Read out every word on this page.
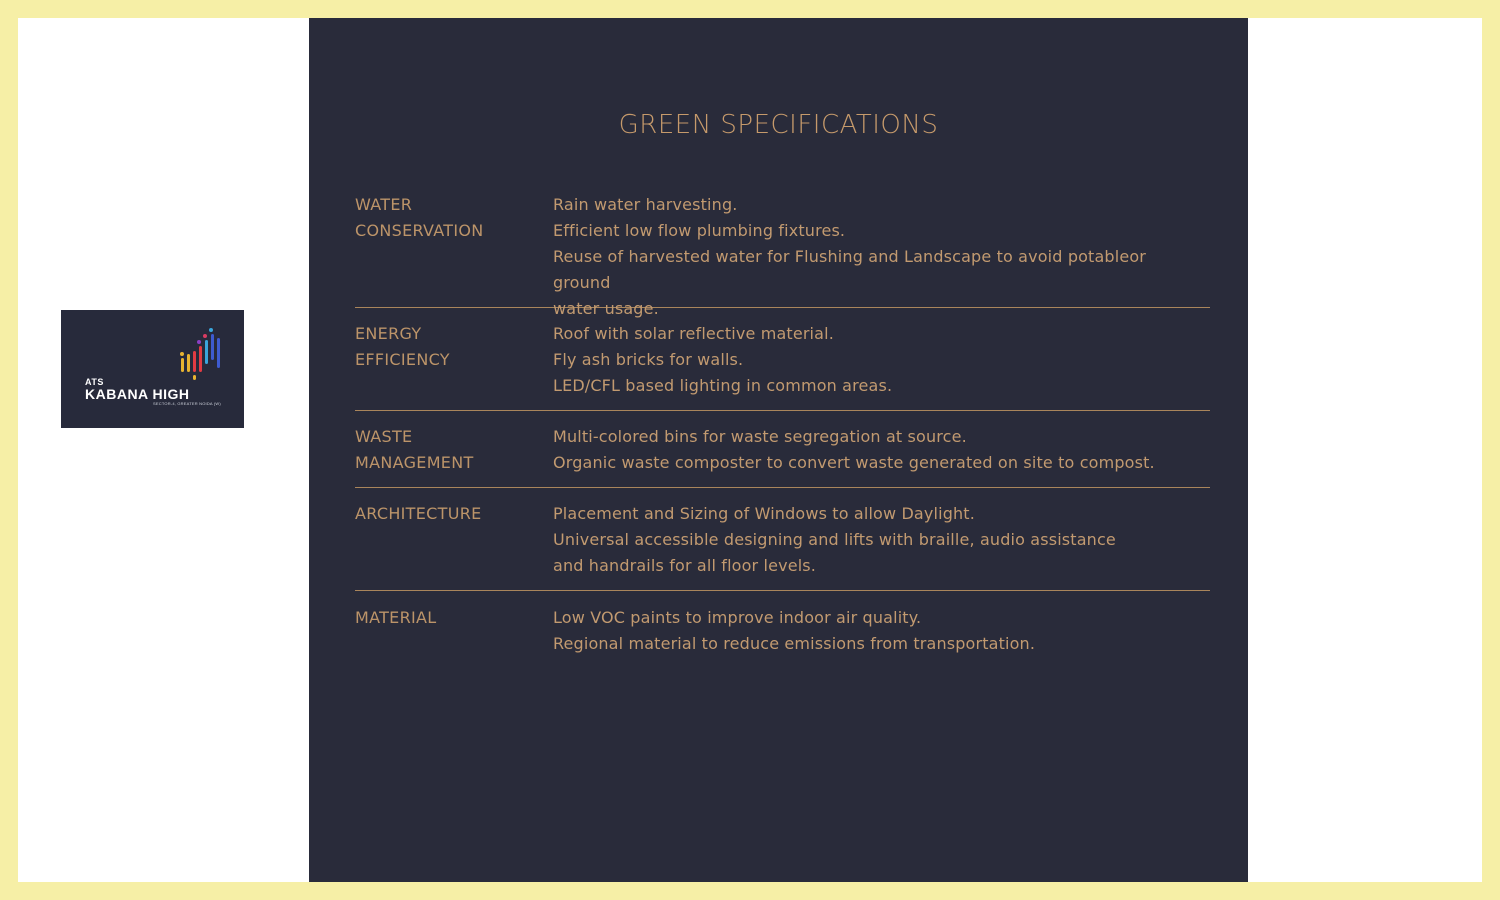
ATS
KABANA HIGH
SECTOR-4, GREATER NOIDA (W)
GREEN SPECIFICATIONS
WATER
CONSERVATION
Rain water harvesting.
Efficient low flow plumbing fixtures.
Reuse of harvested water for Flushing and Landscape to avoid potableor ground
water usage.
ENERGY
EFFICIENCY
Roof with solar reflective material.
Fly ash bricks for walls.
LED/CFL based lighting in common areas.
WASTE
MANAGEMENT
Multi-colored bins for waste segregation at source.
Organic waste composter to convert waste generated on site to compost.
ARCHITECTURE	Placement and Sizing of Windows to allow Daylight.
Universal accessible designing and lifts with braille, audio assistance
and handrails for all floor levels.
MATERIAL	Low VOC paints to improve indoor air quality.
Regional material to reduce emissions from transportation.
